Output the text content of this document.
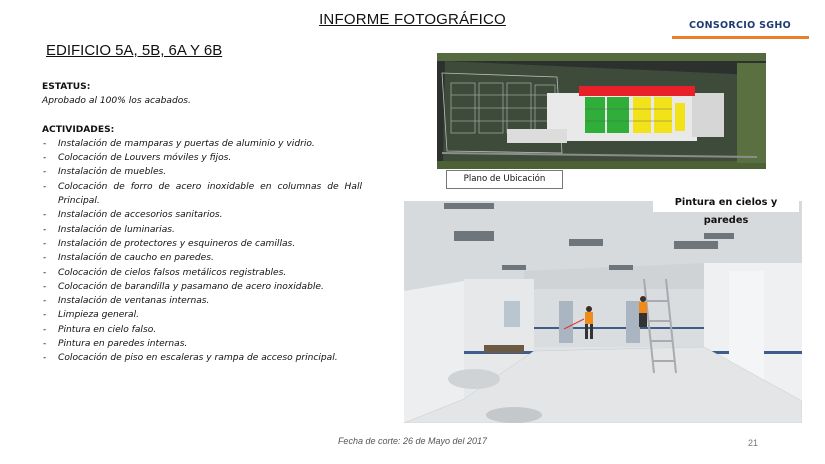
INFORME FOTOGRÁFICO	CONSORCIO SGHO
EDIFICIO 5A, 5B, 6A Y 6B
ESTATUS:
Aprobado al 100% los acabados.
ACTIVIDADES:
- Instalación de mamparas y puertas de aluminio y vidrio.
- Colocación de Louvers móviles y fijos.
- Instalación de muebles.
- Colocación de forro de acero inoxidable en columnas de Hall Principal.
- Instalación de accesorios sanitarios.
- Instalación de luminarias.
- Instalación de protectores y esquineros de camillas.
- Instalación de caucho en paredes.
- Colocación de cielos falsos metálicos registrables.
- Colocación de barandilla y pasamano de acero inoxidable.
- Instalación de ventanas internas.
- Limpieza general.
- Pintura en cielo falso.
- Pintura en paredes internas.
- Colocación de piso en escaleras y rampa de acceso principal.
Plano de Ubicación
Pintura en cielos y paredes
Fecha de corte: 26 de Mayo del 2017	21
